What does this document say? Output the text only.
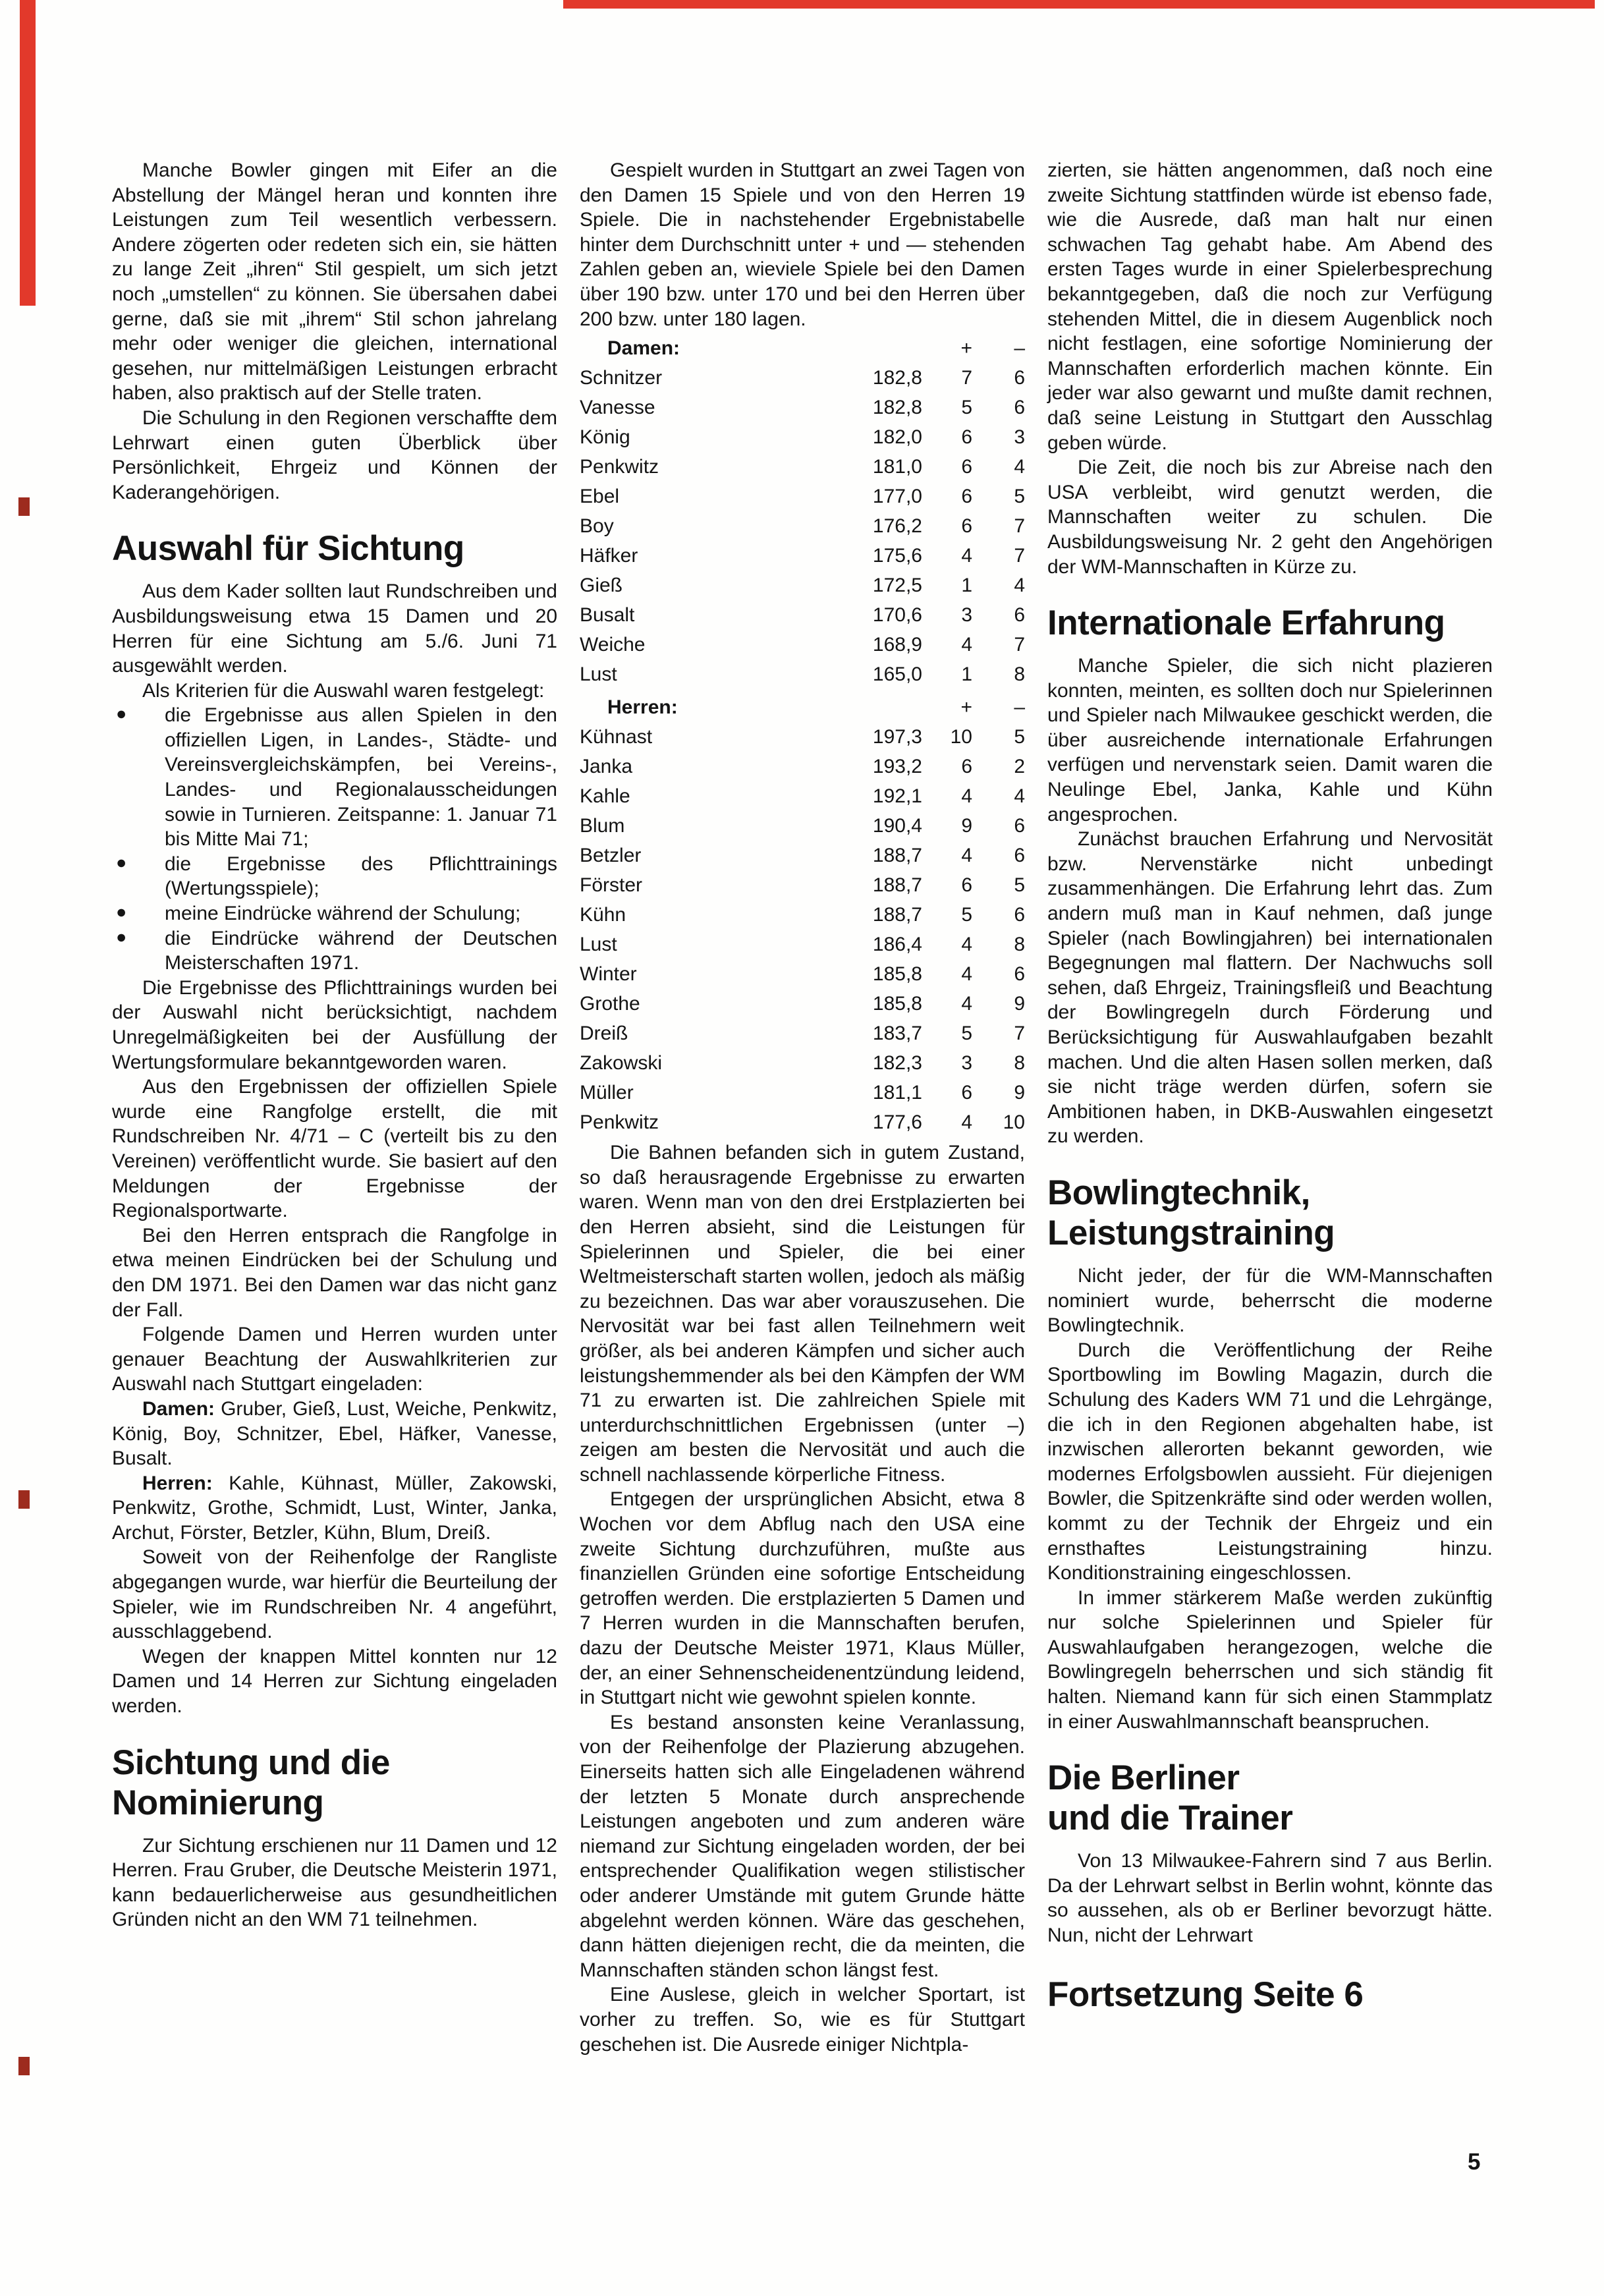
Manche Bowler gingen mit Eifer an die Abstellung der Mängel heran und konnten ihre Leistungen zum Teil wesentlich verbessern. Andere zögerten oder redeten sich ein, sie hätten zu lange Zeit „ihren“ Stil gespielt, um sich jetzt noch „umstellen“ zu können. Sie übersahen dabei gerne, daß sie mit „ihrem“ Stil schon jahrelang mehr oder weniger die gleichen, international gesehen, nur mittelmäßigen Leistungen erbracht haben, also praktisch auf der Stelle traten.

Die Schulung in den Regionen verschaffte dem Lehrwart einen guten Überblick über Persönlichkeit, Ehrgeiz und Können der Kaderangehörigen.

Auswahl für Sichtung

Aus dem Kader sollten laut Rundschreiben und Ausbildungsweisung etwa 15 Damen und 20 Herren für eine Sichtung am 5./6. Juni 71 ausgewählt werden.

Als Kriterien für die Auswahl waren festgelegt:

● die Ergebnisse aus allen Spielen in den offiziellen Ligen, in Landes-, Städte- und Vereinsvergleichskämpfen, bei Vereins-, Landes- und Regionalausscheidungen sowie in Turnieren. Zeitspanne: 1. Januar 71 bis Mitte Mai 71;
● die Ergebnisse des Pflichttrainings (Wertungsspiele);
● meine Eindrücke während der Schulung;
● die Eindrücke während der Deutschen Meisterschaften 1971.

Die Ergebnisse des Pflichttrainings wurden bei der Auswahl nicht berücksichtigt, nachdem Unregelmäßigkeiten bei der Ausfüllung der Wertungsformulare bekanntgeworden waren.

Aus den Ergebnissen der offiziellen Spiele wurde eine Rangfolge erstellt, die mit Rundschreiben Nr. 4/71 – C (verteilt bis zu den Vereinen) veröffentlicht wurde. Sie basiert auf den Meldungen der Ergebnisse der Regionalsportwarte.

Bei den Herren entsprach die Rangfolge in etwa meinen Eindrücken bei der Schulung und den DM 1971. Bei den Damen war das nicht ganz der Fall.

Folgende Damen und Herren wurden unter genauer Beachtung der Auswahlkriterien zur Auswahl nach Stuttgart eingeladen:

Damen: Gruber, Gieß, Lust, Weiche, Penkwitz, König, Boy, Schnitzer, Ebel, Häfker, Vanesse, Busalt.

Herren: Kahle, Kühnast, Müller, Zakowski, Penkwitz, Grothe, Schmidt, Lust, Winter, Janka, Archut, Förster, Betzler, Kühn, Blum, Dreiß.

Soweit von der Reihenfolge der Rangliste abgegangen wurde, war hierfür die Beurteilung der Spieler, wie im Rundschreiben Nr. 4 angeführt, ausschlaggebend.

Wegen der knappen Mittel konnten nur 12 Damen und 14 Herren zur Sichtung eingeladen werden.

Sichtung und die
Nominierung

Zur Sichtung erschienen nur 11 Damen und 12 Herren. Frau Gruber, die Deutsche Meisterin 1971, kann bedauerlicherweise aus gesundheitlichen Gründen nicht an den WM 71 teilnehmen.

Gespielt wurden in Stuttgart an zwei Tagen von den Damen 15 Spiele und von den Herren 19 Spiele. Die in nachstehender Ergebnistabelle hinter dem Durchschnitt unter + und — stehenden Zahlen geben an, wieviele Spiele bei den Damen über 190 bzw. unter 170 und bei den Herren über 200 bzw. unter 180 lagen.

Damen:	+	–
Schnitzer	182,8	7	6
Vanesse	182,8	5	6
König	182,0	6	3
Penkwitz	181,0	6	4
Ebel	177,0	6	5
Boy	176,2	6	7
Häfker	175,6	4	7
Gieß	172,5	1	4
Busalt	170,6	3	6
Weiche	168,9	4	7
Lust	165,0	1	8
Herren:	+	–
Kühnast	197,3	10	5
Janka	193,2	6	2
Kahle	192,1	4	4
Blum	190,4	9	6
Betzler	188,7	4	6
Förster	188,7	6	5
Kühn	188,7	5	6
Lust	186,4	4	8
Winter	185,8	4	6
Grothe	185,8	4	9
Dreiß	183,7	5	7
Zakowski	182,3	3	8
Müller	181,1	6	9
Penkwitz	177,6	4	10

Die Bahnen befanden sich in gutem Zustand, so daß herausragende Ergebnisse zu erwarten waren. Wenn man von den drei Erstplazierten bei den Herren absieht, sind die Leistungen für Spielerinnen und Spieler, die bei einer Weltmeisterschaft starten wollen, jedoch als mäßig zu bezeichnen. Das war aber vorauszusehen. Die Nervosität war bei fast allen Teilnehmern weit größer, als bei anderen Kämpfen und sicher auch leistungshemmender als bei den Kämpfen der WM 71 zu erwarten ist. Die zahlreichen Spiele mit unterdurchschnittlichen Ergebnissen (unter –) zeigen am besten die Nervosität und auch die schnell nachlassende körperliche Fitness.

Entgegen der ursprünglichen Absicht, etwa 8 Wochen vor dem Abflug nach den USA eine zweite Sichtung durchzuführen, mußte aus finanziellen Gründen eine sofortige Entscheidung getroffen werden. Die erstplazierten 5 Damen und 7 Herren wurden in die Mannschaften berufen, dazu der Deutsche Meister 1971, Klaus Müller, der, an einer Sehnenscheidenentzündung leidend, in Stuttgart nicht wie gewohnt spielen konnte.

Es bestand ansonsten keine Veranlassung, von der Reihenfolge der Plazierung abzugehen. Einerseits hatten sich alle Eingeladenen während der letzten 5 Monate durch ansprechende Leistungen angeboten und zum anderen wäre niemand zur Sichtung eingeladen worden, der bei entsprechender Qualifikation wegen stilistischer oder anderer Umstände mit gutem Grunde hätte abgelehnt werden können. Wäre das geschehen, dann hätten diejenigen recht, die da meinten, die Mannschaften ständen schon längst fest.

Eine Auslese, gleich in welcher Sportart, ist vorher zu treffen. So, wie es für Stuttgart geschehen ist. Die Ausrede einiger Nichtpla-

zierten, sie hätten angenommen, daß noch eine zweite Sichtung stattfinden würde ist ebenso fade, wie die Ausrede, daß man halt nur einen schwachen Tag gehabt habe. Am Abend des ersten Tages wurde in einer Spielerbesprechung bekanntgegeben, daß die noch zur Verfügung stehenden Mittel, die in diesem Augenblick noch nicht festlagen, eine sofortige Nominierung der Mannschaften erforderlich machen könnte. Ein jeder war also gewarnt und mußte damit rechnen, daß seine Leistung in Stuttgart den Ausschlag geben würde.

Die Zeit, die noch bis zur Abreise nach den USA verbleibt, wird genutzt werden, die Mannschaften weiter zu schulen. Die Ausbildungsweisung Nr. 2 geht den Angehörigen der WM-Mannschaften in Kürze zu.

Internationale Erfahrung

Manche Spieler, die sich nicht plazieren konnten, meinten, es sollten doch nur Spielerinnen und Spieler nach Milwaukee geschickt werden, die über ausreichende internationale Erfahrungen verfügen und nervenstark seien. Damit waren die Neulinge Ebel, Janka, Kahle und Kühn angesprochen.

Zunächst brauchen Erfahrung und Nervosität bzw. Nervenstärke nicht unbedingt zusammenhängen. Die Erfahrung lehrt das. Zum andern muß man in Kauf nehmen, daß junge Spieler (nach Bowlingjahren) bei internationalen Begegnungen mal flattern. Der Nachwuchs soll sehen, daß Ehrgeiz, Trainingsfleiß und Beachtung der Bowlingregeln durch Förderung und Berücksichtigung für Auswahlaufgaben bezahlt machen. Und die alten Hasen sollen merken, daß sie nicht träge werden dürfen, sofern sie Ambitionen haben, in DKB-Auswahlen eingesetzt zu werden.

Bowlingtechnik,
Leistungstraining

Nicht jeder, der für die WM-Mannschaften nominiert wurde, beherrscht die moderne Bowlingtechnik.

Durch die Veröffentlichung der Reihe Sportbowling im Bowling Magazin, durch die Schulung des Kaders WM 71 und die Lehrgänge, die ich in den Regionen abgehalten habe, ist inzwischen allerorten bekannt geworden, wie modernes Erfolgsbowlen aussieht. Für diejenigen Bowler, die Spitzenkräfte sind oder werden wollen, kommt zu der Technik der Ehrgeiz und ein ernsthaftes Leistungstraining hinzu. Konditionstraining eingeschlossen.

In immer stärkerem Maße werden zukünftig nur solche Spielerinnen und Spieler für Auswahlaufgaben herangezogen, welche die Bowlingregeln beherrschen und sich ständig fit halten. Niemand kann für sich einen Stammplatz in einer Auswahlmannschaft beanspruchen.

Die Berliner
und die Trainer

Von 13 Milwaukee-Fahrern sind 7 aus Berlin. Da der Lehrwart selbst in Berlin wohnt, könnte das so aussehen, als ob er Berliner bevorzugt hätte. Nun, nicht der Lehrwart

Fortsetzung Seite 6
5
